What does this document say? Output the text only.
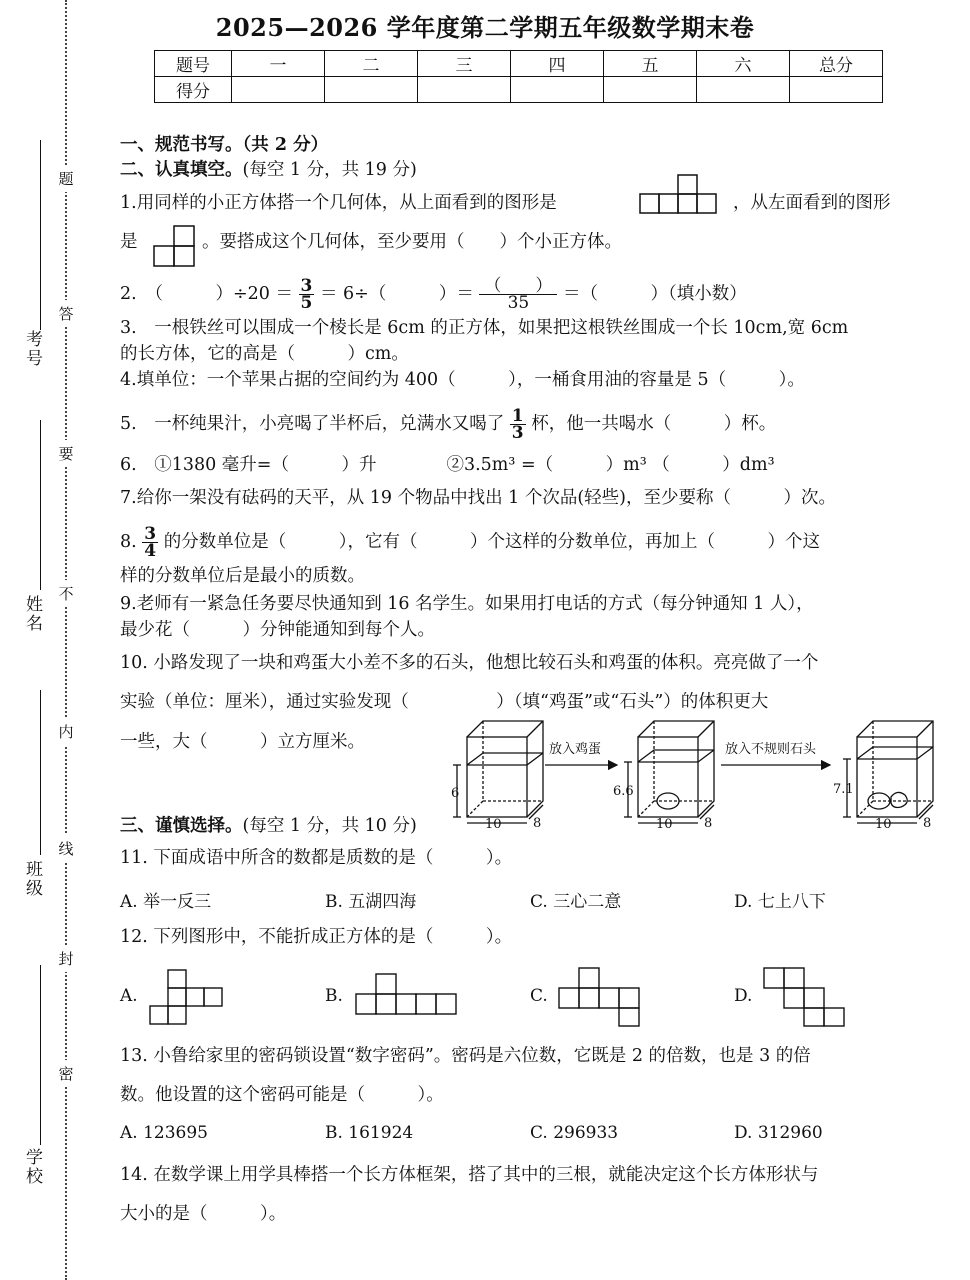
考号
姓名
班级
学校
题
答
要
不
内
线
封
密
2025—2026 学年度第二学期五年级数学期末卷
题号	一	二	三	四	五	六	总分
得分							
一、规范书写。（共 2 分）
二、认真填空。(每空 1 分，共 19 分)
1.用同样的小正方体搭一个几何体，从上面看到的图形是	，从左面看到的图形
是	。要搭成这个几何体，至少要用（　　）个小正方体。
2.　（　　　）$\div 20 = \frac{3}{5} = 6\div$（　　　）＝ $\frac{( )}{35}$ ＝（　　　）（填小数）
3.　一根铁丝可以围成一个棱长是 6cm 的正方体，如果把这根铁丝围成一个长 10cm,宽 6cm
的长方体，它的高是（　　　）cm。
4.填单位：一个苹果占据的空间约为 400（　　　），一桶食用油的容量是 5（　　　）。
5.　一杯纯果汁，小亮喝了半杯后，兑满水又喝了 $\frac{1}{3}$ 杯，他一共喝水（　　　）杯。
6.　①1380 毫升=（　　　）升　　　　②3.5m³ =（　　　）m³ （　　　）dm³
7.给你一架没有砝码的天平，从 19 个物品中找出 1 个次品(轻些)，至少要称（　　　）次。
8. $\frac{3}{4}$ 的分数单位是（　　　），它有（　　　）个这样的分数单位，再加上（　　　）个这
样的分数单位后是最小的质数。
9.老师有一紧急任务要尽快通知到 16 名学生。如果用打电话的方式（每分钟通知 1 人），
最少花（　　　）分钟能通知到每个人。
10. 小路发现了一块和鸡蛋大小差不多的石头，他想比较石头和鸡蛋的体积。亮亮做了一个
实验（单位：厘米），通过实验发现（　　　　　）（填“鸡蛋”或“石头”）的体积更大
一些，大（　　　）立方厘米。
三、谨慎选择。(每空 1 分，共 10 分)
11. 下面成语中所含的数都是质数的是（　　　）。
A. 举一反三	B. 五湖四海	C. 三心二意	D. 七上八下
12. 下列图形中，不能折成正方体的是（　　　）。
A.	B.	C.	D.
13. 小鲁给家里的密码锁设置“数字密码”。密码是六位数，它既是 2 的倍数，也是 3 的倍
数。他设置的这个密码可能是（　　　）。
A. 123695	B. 161924	C. 296933	D. 312960
14. 在数学课上用学具棒搭一个长方体框架，搭了其中的三根，就能决定这个长方体形状与
大小的是（　　　）。
放入鸡蛋	放入不规则石头
6	6.6	7.1
10	10	10
8	8	8
